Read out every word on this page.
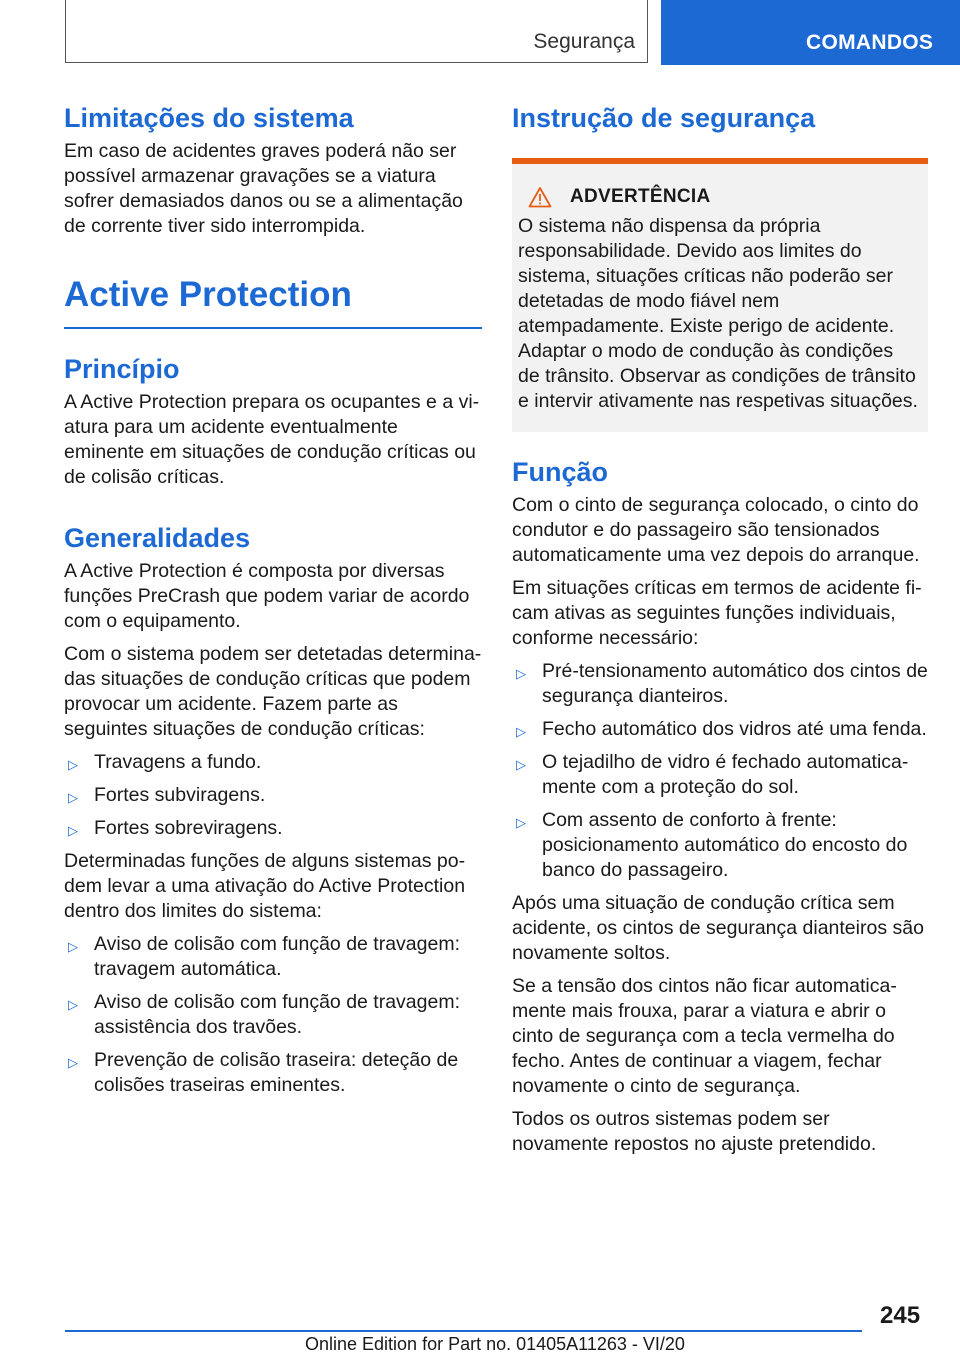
Segurança	COMANDOS
Limitações do sistema

Em caso de acidentes graves poderá não ser possível armazenar gravações se a viatura sofrer demasiados danos ou se a alimentação de corrente tiver sido interrompida.

Active Protection
Princípio

A Active Protection prepara os ocupantes e a viatura para um acidente eventualmente eminente em situações de condução críticas ou de colisão críticas.

Generalidades

A Active Protection é composta por diversas funções PreCrash que podem variar de acordo com o equipamento.

Com o sistema podem ser detetadas determinadas situações de condução críticas que podem provocar um acidente. Fazem parte as seguintes situações de condução críticas:

▷ Travagens a fundo.
▷ Fortes subviragens.
▷ Fortes sobreviragens.

Determinadas funções de alguns sistemas podem levar a uma ativação do Active Protection dentro dos limites do sistema:

▷ Aviso de colisão com função de travagem: travagem automática.
▷ Aviso de colisão com função de travagem: assistência dos travões.
▷ Prevenção de colisão traseira: deteção de colisões traseiras eminentes.
Instrução de segurança
ADVERTÊNCIA

O sistema não dispensa da própria responsabilidade. Devido aos limites do sistema, situações críticas não poderão ser detetadas de modo fiável nem atempadamente. Existe perigo de acidente. Adaptar o modo de condução às condições de trânsito. Observar as condições de trânsito e intervir ativamente nas respetivas situações.

Função

Com o cinto de segurança colocado, o cinto do condutor e do passageiro são tensionados automaticamente uma vez depois do arranque.

Em situações críticas em termos de acidente ficam ativas as seguintes funções individuais, conforme necessário:

▷ Pré-tensionamento automático dos cintos de segurança dianteiros.
▷ Fecho automático dos vidros até uma fenda.
▷ O tejadilho de vidro é fechado automaticamente com a proteção do sol.
▷ Com assento de conforto à frente: posicionamento automático do encosto do banco do passageiro.

Após uma situação de condução crítica sem acidente, os cintos de segurança dianteiros são novamente soltos.

Se a tensão dos cintos não ficar automaticamente mais frouxa, parar a viatura e abrir o cinto de segurança com a tecla vermelha do fecho. Antes de continuar a viagem, fechar novamente o cinto de segurança.

Todos os outros sistemas podem ser novamente repostos no ajuste pretendido.

245
Online Edition for Part no. 01405A11263 - VI/20
